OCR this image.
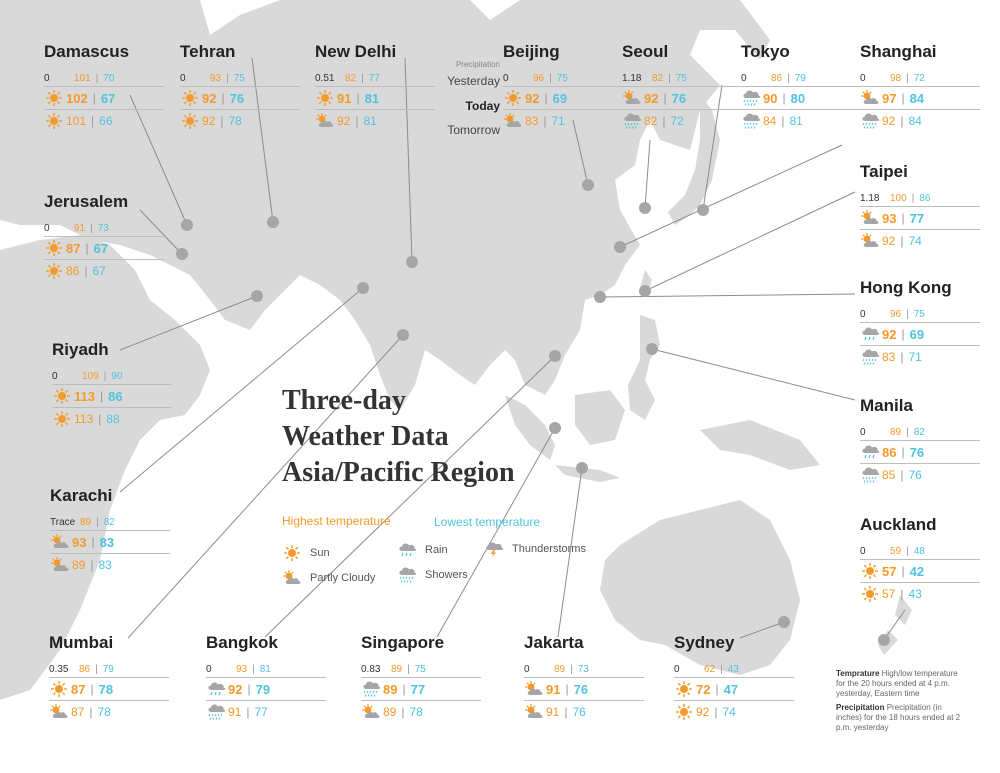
Three-day
Weather Data
Asia/Pacific Region
Highest temperature	Lowest temperature
Sun
Partly Cloudy
Rain
Showers
Thunderstorms
Precipitation
Yesterday
Today
Tomorrow
Temprature High/low temperature for the 20 hours ended at 4 p.m. yesterday, Eastern time
Precipitation Precipitation (in inches) for the 18 hours ended at 2 p.m. yesterday
Damascus
0	101 | 70
102 | 67
101 | 66
Tehran
0	93 | 75
92 | 76
92 | 78
New Delhi
0.51	82 | 77
91 | 81
92 | 81
Beijing
0	96 | 75
92 | 69
83 | 71
Seoul
1.18	82 | 75
92 | 76
82 | 72
Tokyo
0	86 | 79
90 | 80
84 | 81
Shanghai
0	98 | 72
97 | 84
92 | 84
Jerusalem
0	91 | 73
87 | 67
86 | 67
Taipei
1.18	100 | 86
93 | 77
92 | 74
Hong Kong
0	96 | 75
92 | 69
83 | 71
Riyadh
0	109 | 90
113 | 86
113 | 88
Manila
0	89 | 82
86 | 76
85 | 76
Karachi
Trace 89 | 82
93 | 83
89 | 83
Auckland
0	59 | 48
57 | 42
57 | 43
Mumbai
0.35	86 | 79
87 | 78
87 | 78
Bangkok
0	93 | 81
92 | 79
91 | 77
Singapore
0.83	89 | 75
89 | 77
89 | 78
Jakarta
0	89 | 73
91 | 76
91 | 76
Sydney
0	62 | 43
72 | 47
92 | 74
